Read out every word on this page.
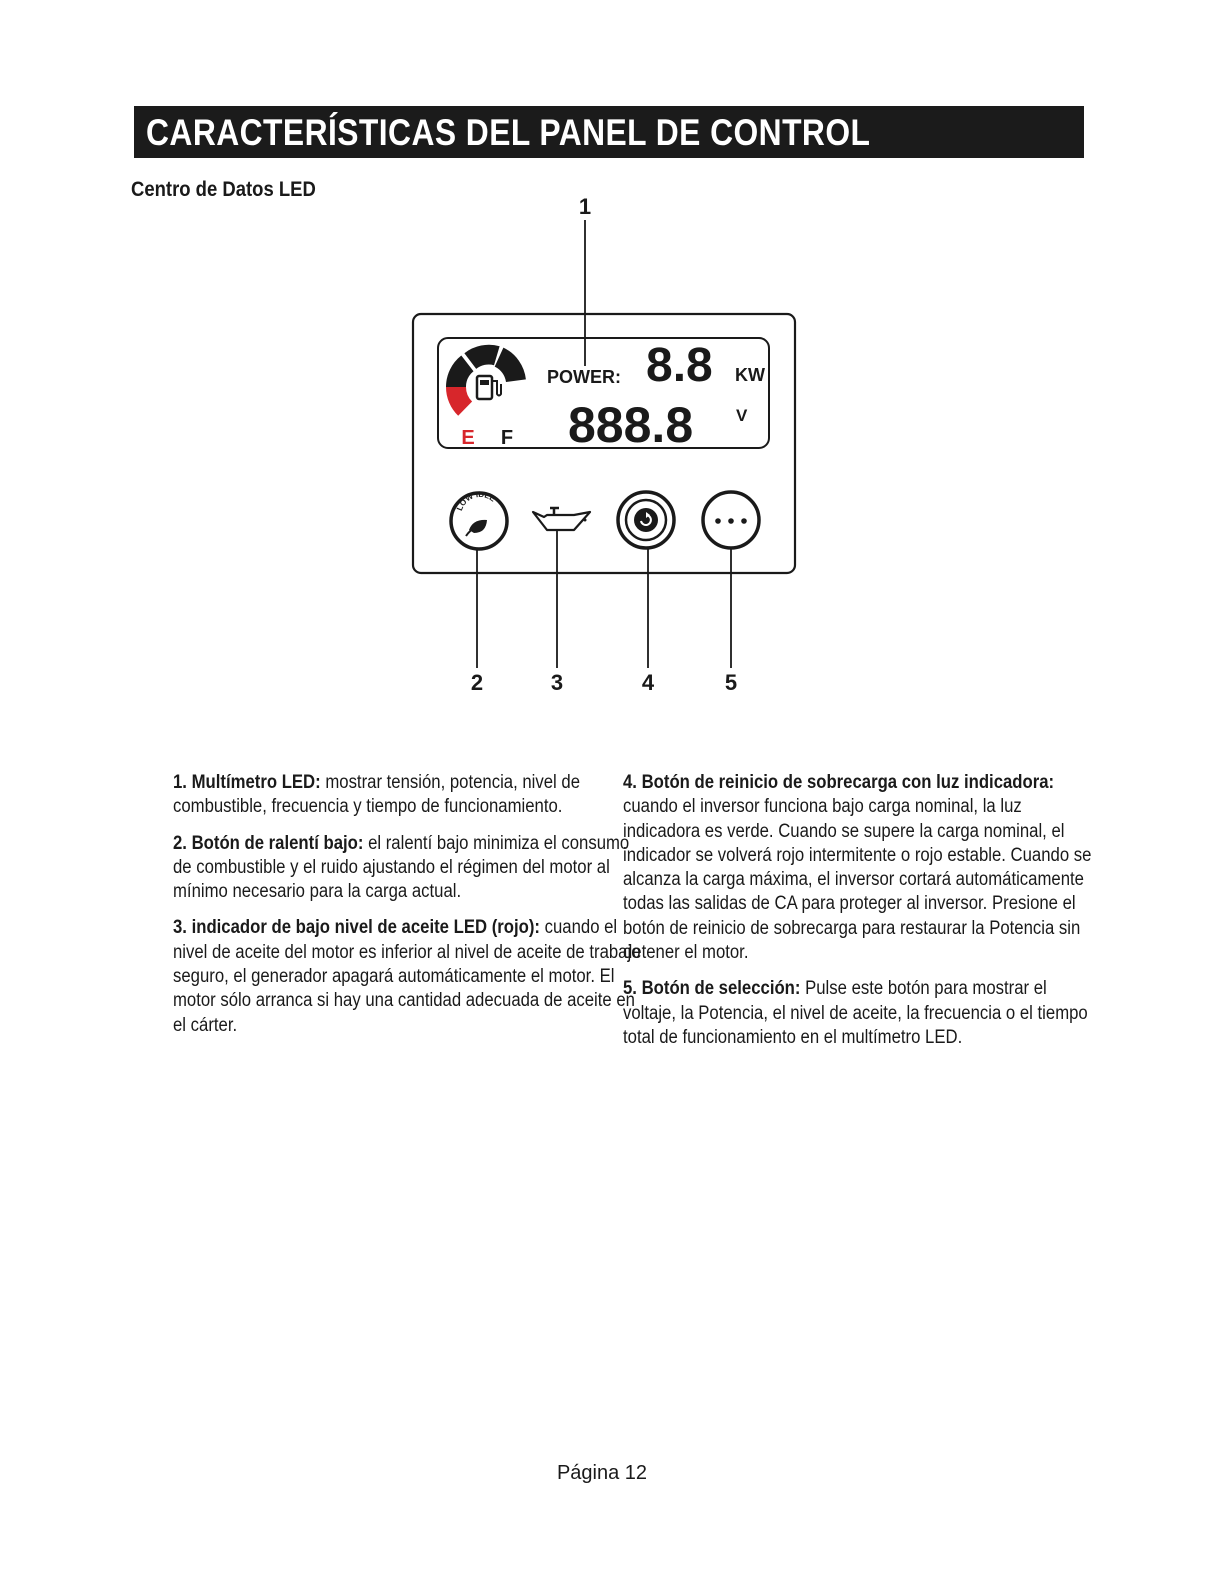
CARACTERÍSTICAS DEL PANEL DE CONTROL
Centro de Datos LED
E F
POWER: 8.8 KW
888.8	V
LOW IDLE
1
2	3	4	5

1. Multímetro LED: mostrar tensión, potencia, nivel de combustible, frecuencia y tiempo de funcionamiento.

2. Botón de ralentí bajo: el ralentí bajo minimiza el consumo de combustible y el ruido ajustando el régimen del motor al mínimo necesario para la carga actual.

3. indicador de bajo nivel de aceite LED (rojo): cuando el nivel de aceite del motor es inferior al nivel de aceite de trabajo seguro, el generador apagará automáticamente el motor. El motor sólo arranca si hay una cantidad adecuada de aceite en el cárter.

4. Botón de reinicio de sobrecarga con luz indicadora: cuando el inversor funciona bajo carga nominal, la luz indicadora es verde. Cuando se supere la carga nominal, el indicador se volverá rojo intermitente o rojo estable. Cuando se alcanza la carga máxima, el inversor cortará automáticamente todas las salidas de CA para proteger al inversor. Presione el botón de reinicio de sobrecarga para restaurar la Potencia sin detener el motor.

5. Botón de selección: Pulse este botón para mostrar el voltaje, la Potencia, el nivel de aceite, la frecuencia o el tiempo total de funcionamiento en el multímetro LED.

Página 12
